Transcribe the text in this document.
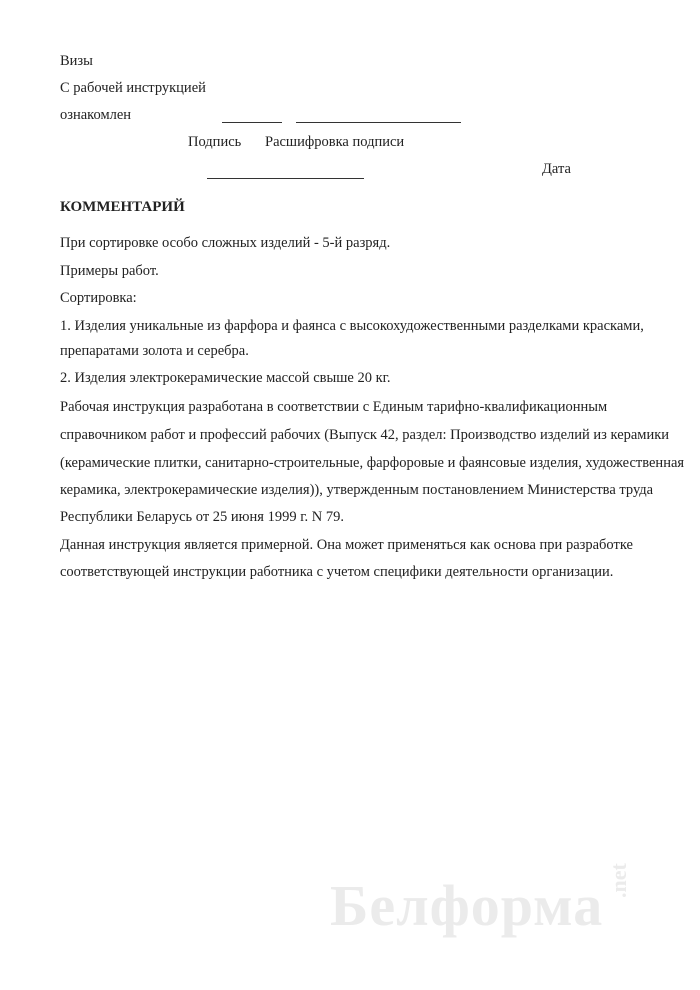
Визы
С рабочей инструкцией
ознакомлен
Подпись Расшифровка подписи
Дата
КОММЕНТАРИЙ
При сортировке особо сложных изделий - 5-й разряд.
Примеры работ.
Сортировка:
1. Изделия уникальные из фарфора и фаянса с высокохудожественными разделками красками,
препаратами золота и серебра.
2. Изделия электрокерамические массой свыше 20 кг.
Рабочая инструкция разработана в соответствии с Единым тарифно-квалификационным
справочником работ и профессий рабочих (Выпуск 42, раздел: Производство изделий из керамики
(керамические плитки, санитарно-строительные, фарфоровые и фаянсовые изделия, художественная
керамика, электрокерамические изделия)), утвержденным постановлением Министерства труда
Республики Беларусь от 25 июня 1999 г. N 79.
Данная инструкция является примерной. Она может применяться как основа при разработке
соответствующей инструкции работника с учетом специфики деятельности организации.
Белформа .net
